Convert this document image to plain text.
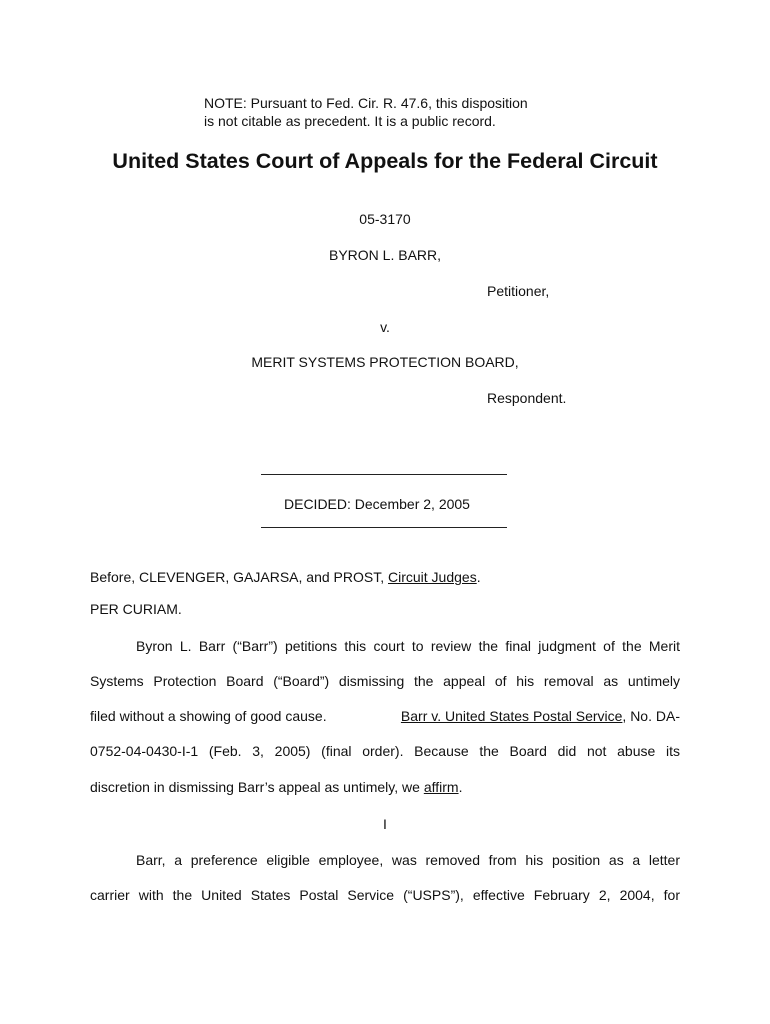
NOTE: Pursuant to Fed. Cir. R. 47.6, this disposition
is not citable as precedent. It is a public record.
United States Court of Appeals for the Federal Circuit
05-3170
BYRON L. BARR,
Petitioner,
v.
MERIT SYSTEMS PROTECTION BOARD,
Respondent.
DECIDED: December 2, 2005
Before, CLEVENGER, GAJARSA, and PROST, Circuit Judges.
PER CURIAM.
Byron L. Barr (“Barr”) petitions this court to review the final judgment of the Merit
Systems Protection Board (“Board”) dismissing the appeal of his removal as untimely
filed without a showing of good cause.	Barr v. United States Postal Service, No. DA-
0752-04-0430-I-1 (Feb. 3, 2005) (final order). Because the Board did not abuse its
discretion in dismissing Barr’s appeal as untimely, we affirm.
I
Barr, a preference eligible employee, was removed from his position as a letter
carrier with the United States Postal Service (“USPS”), effective February 2, 2004, for
